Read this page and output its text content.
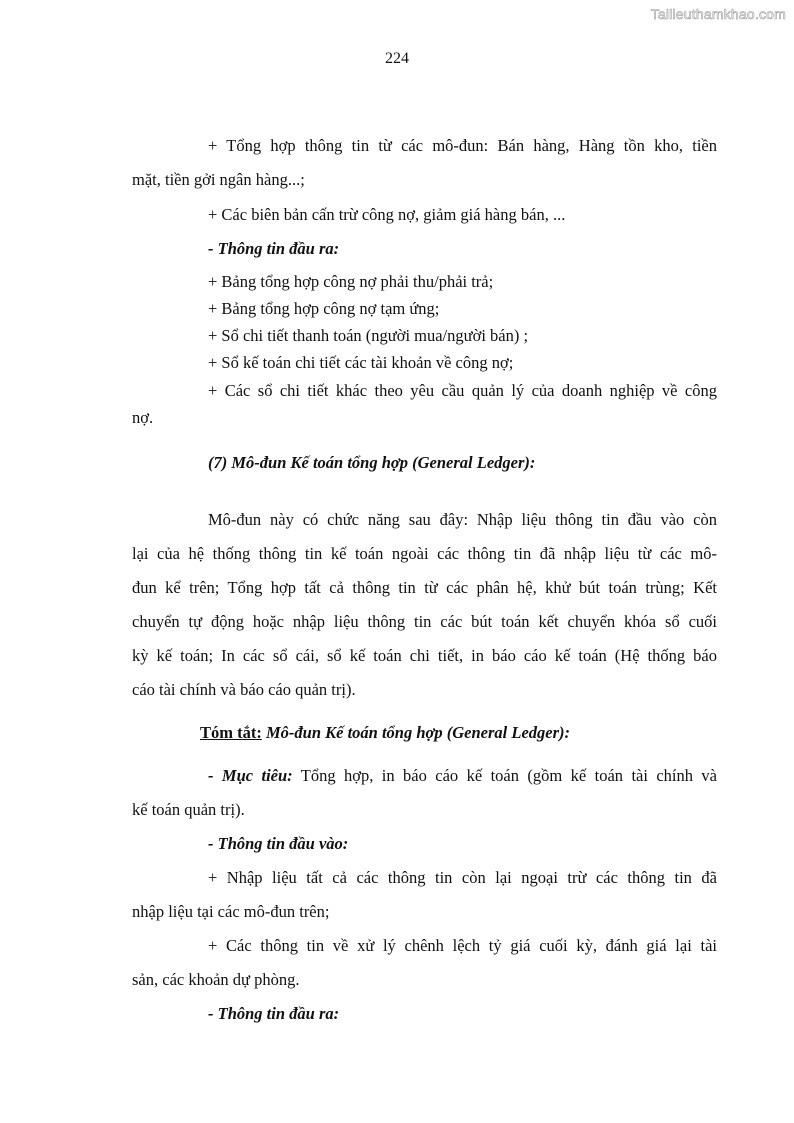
Tailieuthamkhao.com
224
+ Tổng hợp thông tin từ các mô-đun: Bán hàng, Hàng tồn kho, tiền
mặt, tiền gởi ngân hàng...;
+ Các biên bản cấn trừ công nợ, giảm giá hàng bán, ...
- Thông tin đầu ra:
+ Bảng tổng hợp công nợ phải thu/phải trả;
+ Bảng tổng hợp công nợ tạm ứng;
+ Sổ chi tiết thanh toán (người mua/người bán) ;
+ Sổ kế toán chi tiết các tài khoản về công nợ;
+ Các sổ chi tiết khác theo yêu cầu quản lý của doanh nghiệp về công
nợ.
(7) Mô-đun Kế toán tổng hợp (General Ledger):
Mô-đun này có chức năng sau đây: Nhập liệu thông tin đầu vào còn
lại của hệ thống thông tin kế toán ngoài các thông tin đã nhập liệu từ các mô-
đun kể trên; Tổng hợp tất cả thông tin từ các phân hệ, khử bút toán trùng; Kết
chuyển tự động hoặc nhập liệu thông tin các bút toán kết chuyển khóa sổ cuối
kỳ kế toán; In các sổ cái, sổ kế toán chi tiết, in báo cáo kế toán (Hệ thống báo
cáo tài chính và báo cáo quản trị).
Tóm tắt: Mô-đun Kế toán tổng hợp (General Ledger):
- Mục tiêu: Tổng hợp, in báo cáo kế toán (gồm kế toán tài chính và
kế toán quản trị).
- Thông tin đầu vào:
+ Nhập liệu tất cả các thông tin còn lại ngoại trừ các thông tin đã
nhập liệu tại các mô-đun trên;
+ Các thông tin về xử lý chênh lệch tỷ giá cuối kỳ, đánh giá lại tài
sản, các khoản dự phòng.
- Thông tin đầu ra:
